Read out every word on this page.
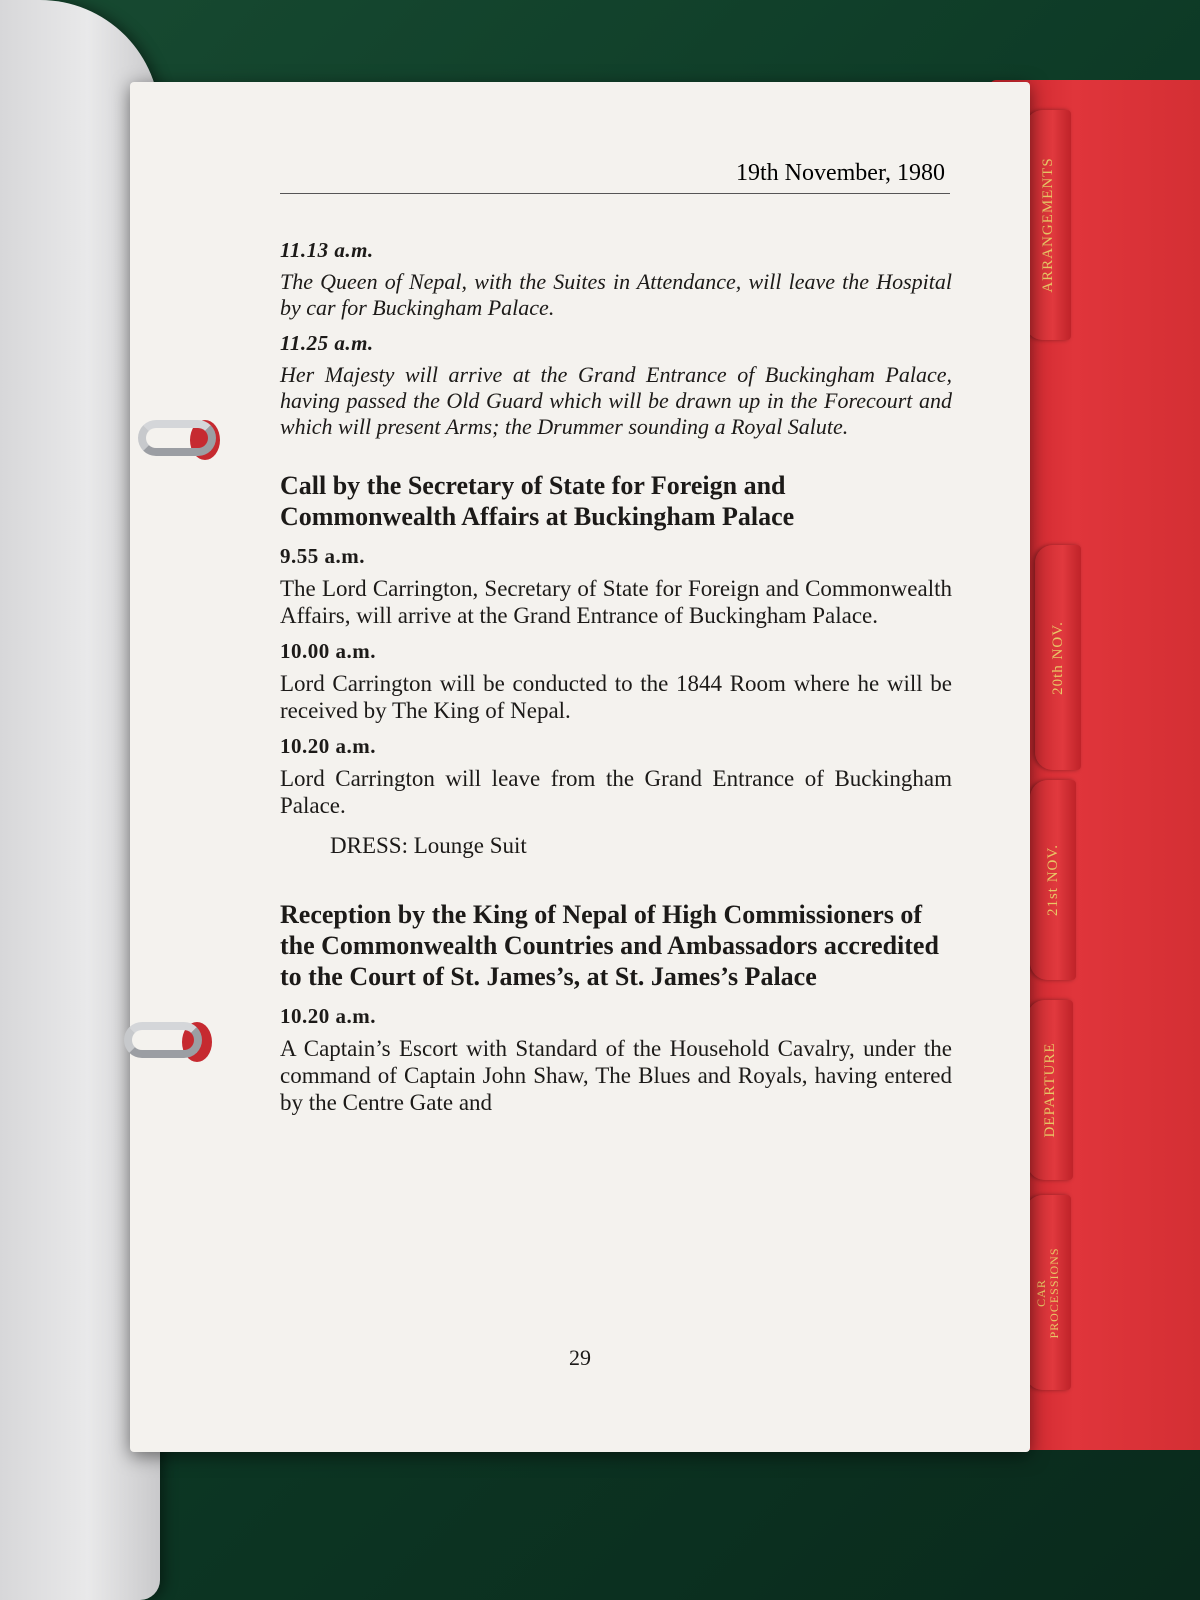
ARRANGEMENTS
20th NOV.
21st NOV.
DEPARTURE
CAR
PROCESSIONS
19th November, 1980
11.13 a.m.
The Queen of Nepal, with the Suites in Attendance, will leave the Hospital by car for Buckingham Palace.
11.25 a.m.
Her Majesty will arrive at the Grand Entrance of Buckingham Palace, having passed the Old Guard which will be drawn up in the Forecourt and which will present Arms; the Drummer sounding a Royal Salute.
Call by the Secretary of State for Foreign and Commonwealth Affairs at Buckingham Palace
9.55 a.m.
The Lord Carrington, Secretary of State for Foreign and Commonwealth Affairs, will arrive at the Grand Entrance of Buckingham Palace.
10.00 a.m.
Lord Carrington will be conducted to the 1844 Room where he will be received by The King of Nepal.
10.20 a.m.
Lord Carrington will leave from the Grand Entrance of Buckingham Palace.
DRESS: Lounge Suit
Reception by the King of Nepal of High Commissioners of the Commonwealth Countries and Ambassadors accredited to the Court of St. James’s, at St. James’s Palace
10.20 a.m.
A Captain’s Escort with Standard of the Household Cavalry, under the command of Captain John Shaw, The Blues and Royals, having entered by the Centre Gate and
29
